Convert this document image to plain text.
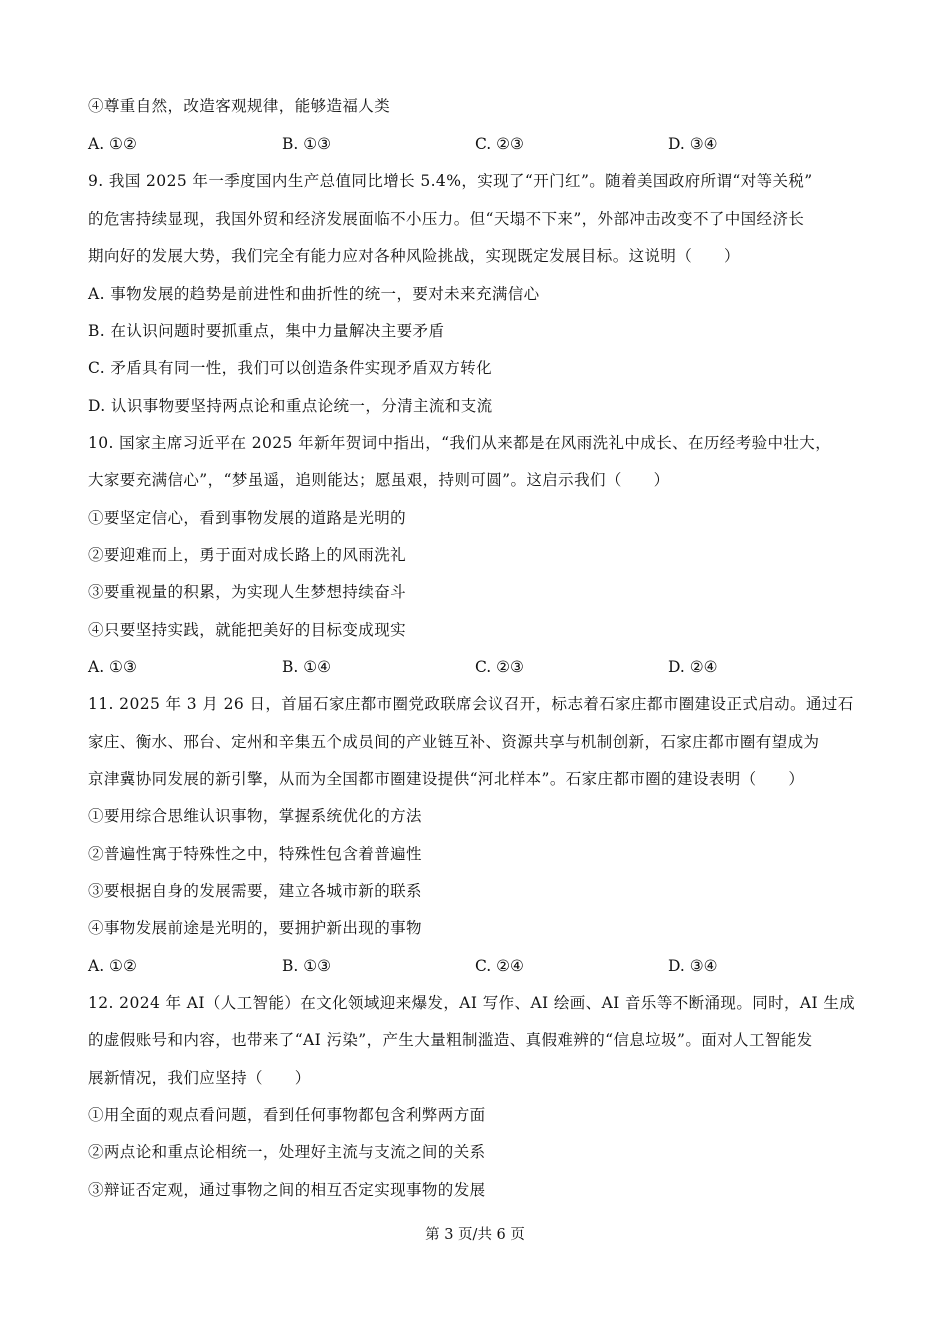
④尊重自然，改造客观规律，能够造福人类
A. ①②	B. ①③	C. ②③	D. ③④
9. 我国 2025 年一季度国内生产总值同比增长 5.4%，实现了“开门红”。随着美国政府所谓“对等关税”
的危害持续显现，我国外贸和经济发展面临不小压力。但“天塌不下来”，外部冲击改变不了中国经济长
期向好的发展大势，我们完全有能力应对各种风险挑战，实现既定发展目标。这说明（　　）
A. 事物发展的趋势是前进性和曲折性的统一，要对未来充满信心
B. 在认识问题时要抓重点，集中力量解决主要矛盾
C. 矛盾具有同一性，我们可以创造条件实现矛盾双方转化
D. 认识事物要坚持两点论和重点论统一，分清主流和支流
10. 国家主席习近平在 2025 年新年贺词中指出，“我们从来都是在风雨洗礼中成长、在历经考验中壮大，
大家要充满信心”，“梦虽遥，追则能达；愿虽艰，持则可圆”。这启示我们（　　）
①要坚定信心，看到事物发展的道路是光明的
②要迎难而上，勇于面对成长路上的风雨洗礼
③要重视量的积累，为实现人生梦想持续奋斗
④只要坚持实践，就能把美好的目标变成现实
A. ①③	B. ①④	C. ②③	D. ②④
11. 2025 年 3 月 26 日，首届石家庄都市圈党政联席会议召开，标志着石家庄都市圈建设正式启动。通过石
家庄、衡水、邢台、定州和辛集五个成员间的产业链互补、资源共享与机制创新，石家庄都市圈有望成为
京津冀协同发展的新引擎，从而为全国都市圈建设提供“河北样本”。石家庄都市圈的建设表明（　　）
①要用综合思维认识事物，掌握系统优化的方法
②普遍性寓于特殊性之中，特殊性包含着普遍性
③要根据自身的发展需要，建立各城市新的联系
④事物发展前途是光明的，要拥护新出现的事物
A. ①②	B. ①③	C. ②④	D. ③④
12. 2024 年 AI（人工智能）在文化领域迎来爆发，AI 写作、AI 绘画、AI 音乐等不断涌现。同时，AI 生成
的虚假账号和内容，也带来了“AI 污染”，产生大量粗制滥造、真假难辨的“信息垃圾”。面对人工智能发
展新情况，我们应坚持（　　）
①用全面的观点看问题，看到任何事物都包含利弊两方面
②两点论和重点论相统一，处理好主流与支流之间的关系
③辩证否定观，通过事物之间的相互否定实现事物的发展
第 3 页/共 6 页
